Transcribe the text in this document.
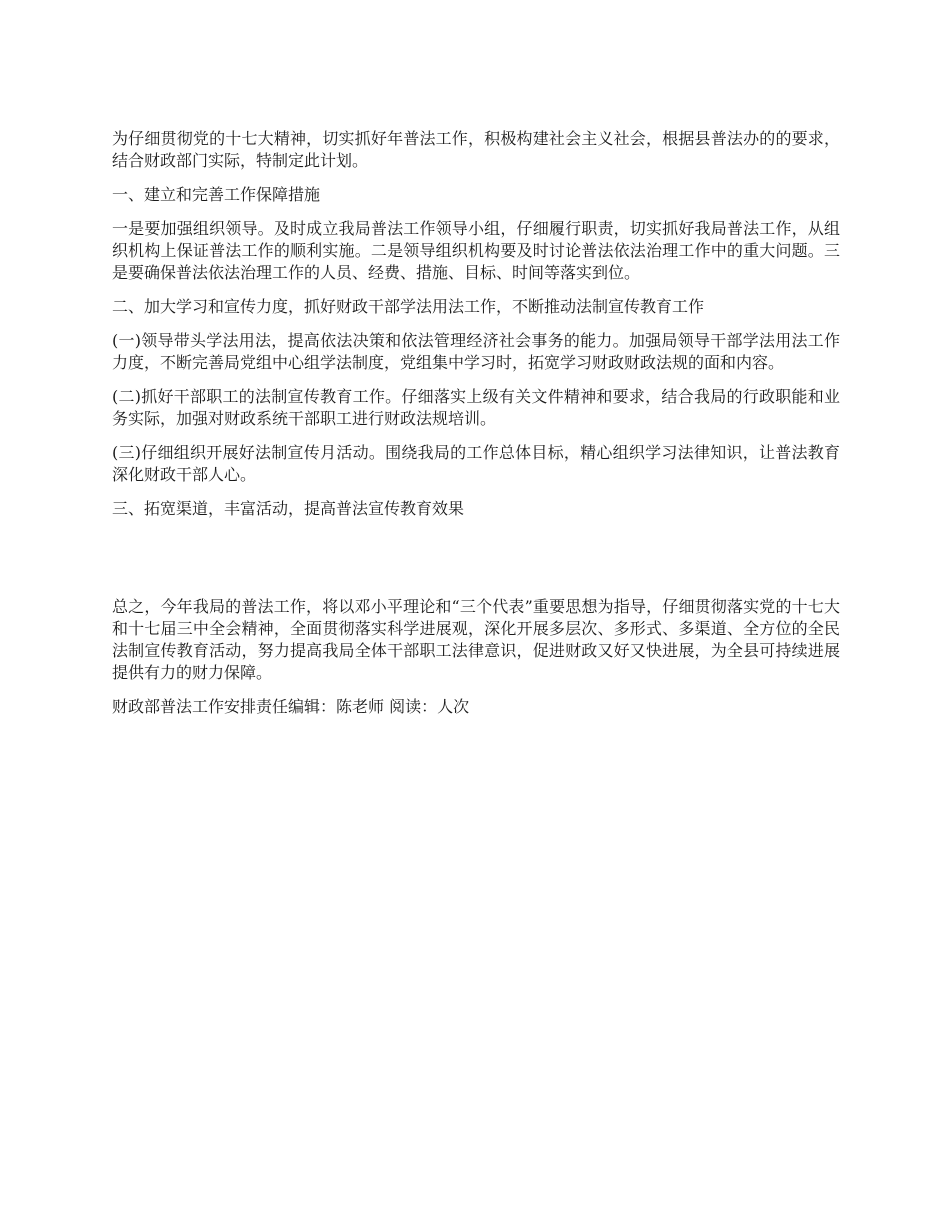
为仔细贯彻党的十七大精神，切实抓好年普法工作，积极构建社会主义社会，根据县普法办的的要求，结合财政部门实际，特制定此计划。

一、建立和完善工作保障措施

一是要加强组织领导。及时成立我局普法工作领导小组，仔细履行职责，切实抓好我局普法工作，从组织机构上保证普法工作的顺利实施。二是领导组织机构要及时讨论普法依法治理工作中的重大问题。三是要确保普法依法治理工作的人员、经费、措施、目标、时间等落实到位。

二、加大学习和宣传力度，抓好财政干部学法用法工作，不断推动法制宣传教育工作

(一)领导带头学法用法，提高依法决策和依法管理经济社会事务的能力。加强局领导干部学法用法工作力度，不断完善局党组中心组学法制度，党组集中学习时，拓宽学习财政财政法规的面和内容。

(二)抓好干部职工的法制宣传教育工作。仔细落实上级有关文件精神和要求，结合我局的行政职能和业务实际，加强对财政系统干部职工进行财政法规培训。

(三)仔细组织开展好法制宣传月活动。围绕我局的工作总体目标，精心组织学习法律知识，让普法教育深化财政干部人心。

三、拓宽渠道，丰富活动，提高普法宣传教育效果

总之，今年我局的普法工作，将以邓小平理论和“三个代表”重要思想为指导，仔细贯彻落实党的十七大和十七届三中全会精神，全面贯彻落实科学进展观，深化开展多层次、多形式、多渠道、全方位的全民法制宣传教育活动，努力提高我局全体干部职工法律意识，促进财政又好又快进展，为全县可持续进展提供有力的财力保障。

财政部普法工作安排责任编辑：陈老师 阅读：人次
